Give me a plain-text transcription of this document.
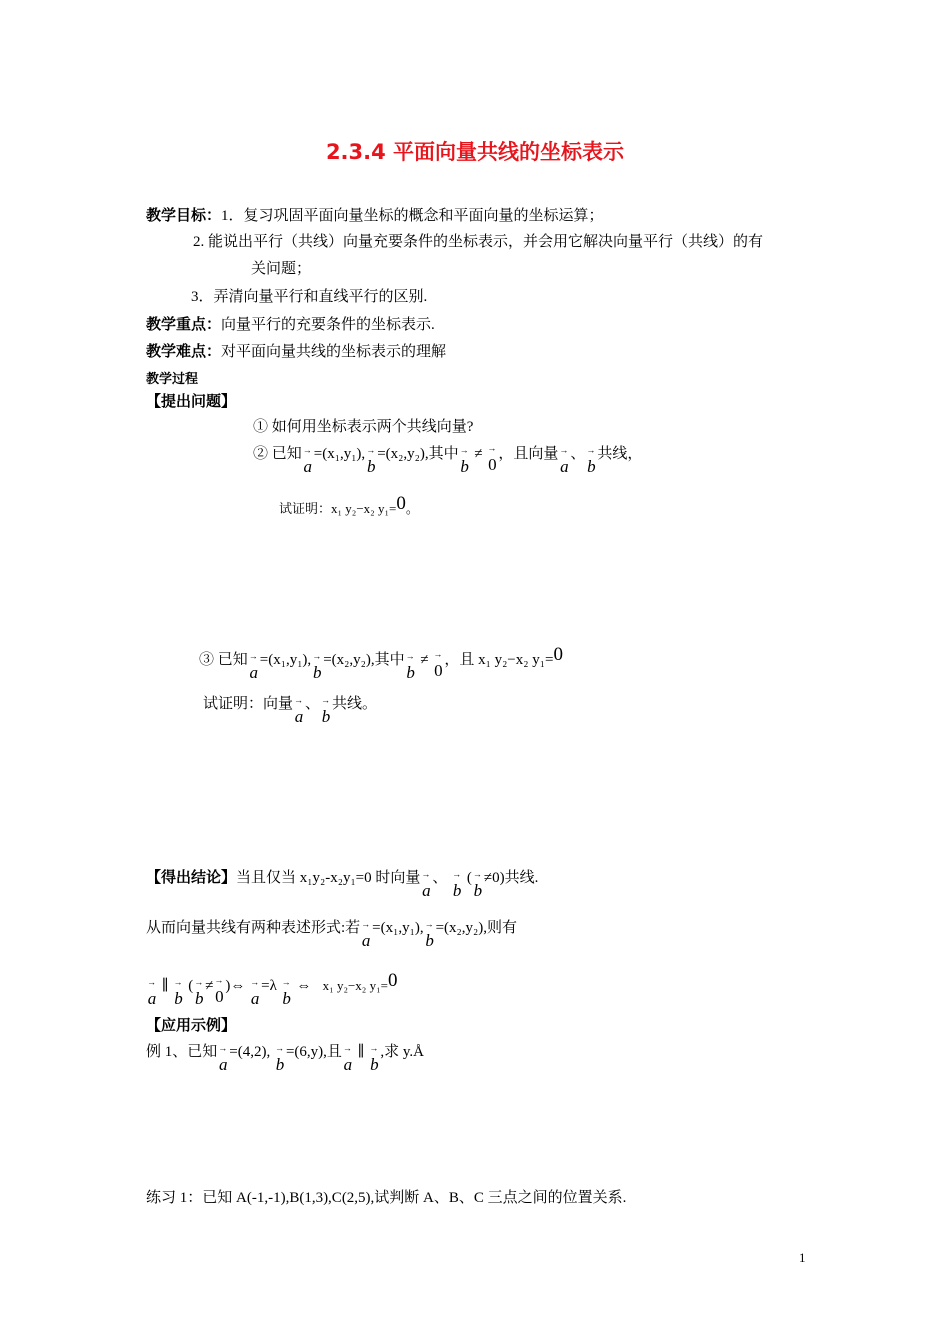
2.3.4 平面向量共线的坐标表示
教学目标：1．复习巩固平面向量坐标的概念和平面向量的坐标运算；
2. 能说出平行（共线）向量充要条件的坐标表示，并会用它解决向量平行（共线）的有
关问题；
3．弄清向量平行和直线平行的区别.
教学重点：向量平行的充要条件的坐标表示.
教学难点：对平面向量共线的坐标表示的理解
教学过程
【提出问题】
① 如何用坐标表示两个共线向量?
② 已知→ a=(x₁,y₁),→ b=(x₂,y₂),其中→ b ≠ → 0，且向量→ a、→ b共线，
试证明：x₁ y₂−x₂ y₁=0。
③ 已知→ a=(x₁,y₁),→ b=(x₂,y₂),其中→ b ≠ → 0，且 x₁ y₂−x₂ y₁=0
试证明：向量→ a、→ b共线。
【得出结论】当且仅当 x₁y₂-x₂y₁=0 时向量→ a、 → b (→ b≠0)共线.
从而向量共线有两种表述形式:若→ a=(x₁,y₁),→ b=(x₂,y₂),则有
→ a ∥ → b (→ b≠→ 0)⇔ → a=λ → b ⇔ x₁ y₂−x₂ y₁=0
【应用示例】
例 1、已知→ a=(4,2), → b=(6,y),且→ a ∥ → b,求 y.Å
练习 1：已知 A(-1,-1),B(1,3),C(2,5),试判断 A、B、C 三点之间的位置关系.
1
